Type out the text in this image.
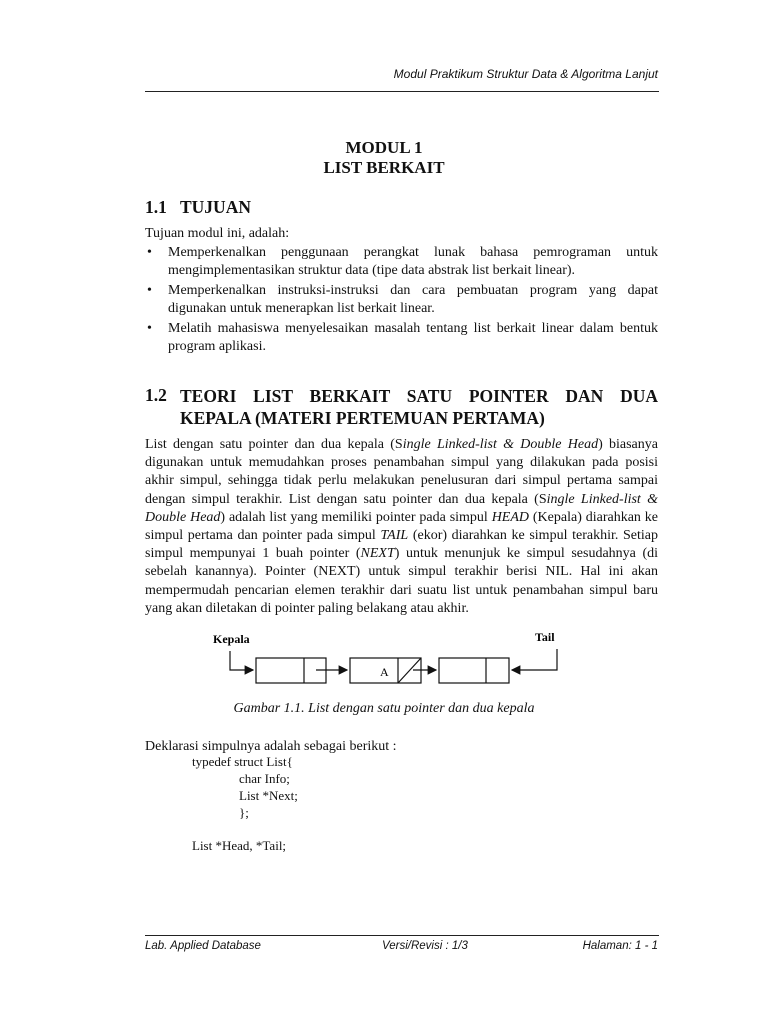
Modul Praktikum Struktur Data & Algoritma Lanjut
MODUL 1
LIST BERKAIT
1.1 TUJUAN
Tujuan modul ini, adalah:
• Memperkenalkan penggunaan perangkat lunak bahasa pemrograman untuk mengimplementasikan struktur data (tipe data abstrak list berkait linear).
• Memperkenalkan instruksi-instruksi dan cara pembuatan program yang dapat digunakan untuk menerapkan list berkait linear.
• Melatih mahasiswa menyelesaikan masalah tentang list berkait linear dalam bentuk program aplikasi.
1.2 TEORI LIST BERKAIT SATU POINTER DAN DUA KEPALA (MATERI PERTEMUAN PERTAMA)
List dengan satu pointer dan dua kepala (Single Linked-list & Double Head) biasanya digunakan untuk memudahkan proses penambahan simpul yang dilakukan pada posisi akhir simpul, sehingga tidak perlu melakukan penelusuran dari simpul pertama sampai dengan simpul terakhir. List dengan satu pointer dan dua kepala (Single Linked-list & Double Head) adalah list yang memiliki pointer pada simpul HEAD (Kepala) diarahkan ke simpul pertama dan pointer pada simpul TAIL (ekor) diarahkan ke simpul terakhir. Setiap simpul mempunyai 1 buah pointer (NEXT) untuk menunjuk ke simpul sesudahnya (di sebelah kanannya). Pointer (NEXT) untuk simpul terakhir berisi NIL. Hal ini akan mempermudah pencarian elemen terakhir dari suatu list untuk penambahan simpul baru yang akan diletakan di pointer paling belakang atau akhir.
Kepala	Tail
A
Gambar 1.1. List dengan satu pointer dan dua kepala
Deklarasi simpulnya adalah sebagai berikut :
typedef struct List{
char Info;
List *Next;
};
List *Head, *Tail;
Lab. Applied Database	Versi/Revisi : 1/3	Halaman: 1 - 1
